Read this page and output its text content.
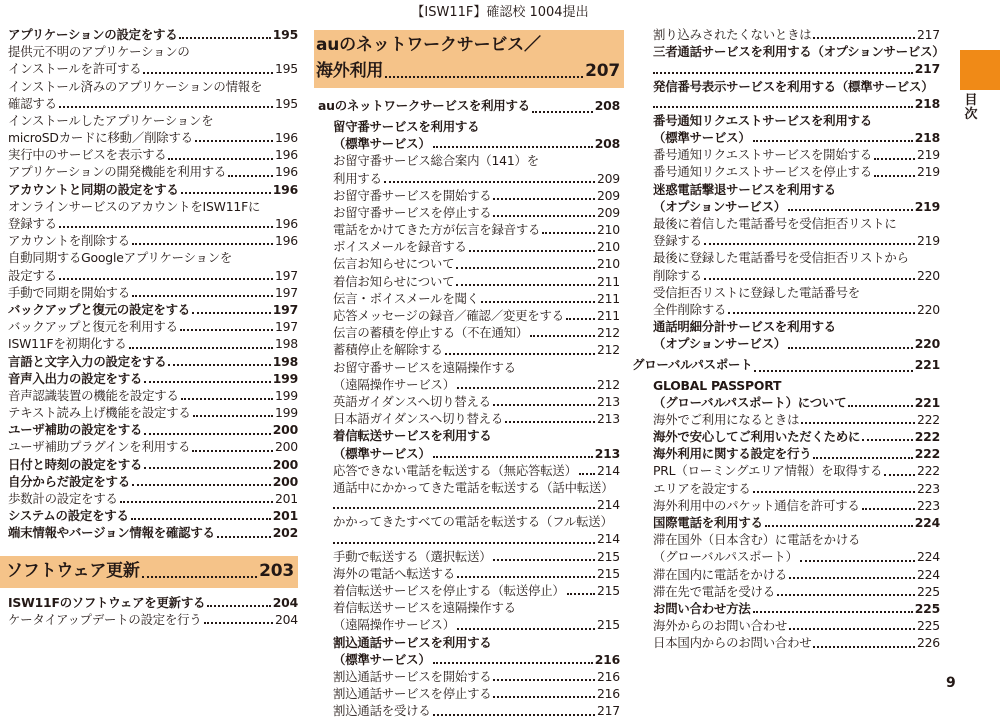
【ISW11F】確認校 1004提出
アプリケーションの設定をする	195
提供元不明のアプリケーションの
インストールを許可する	195
インストール済みのアプリケーションの情報を
確認する	195
インストールしたアプリケーションを
microSDカードに移動／削除する	196
実行中のサービスを表示する	196
アプリケーションの開発機能を利用する	196
アカウントと同期の設定をする	196
オンラインサービスのアカウントをISW11Fに
登録する	196
アカウントを削除する	196
自動同期するGoogleアプリケーションを
設定する	197
手動で同期を開始する	197
バックアップと復元の設定をする	197
バックアップと復元を利用する	197
ISW11Fを初期化する	198
言語と文字入力の設定をする	198
音声入出力の設定をする	199
音声認識装置の機能を設定する	199
テキスト読み上げ機能を設定する	199
ユーザ補助の設定をする	200
ユーザ補助プラグインを利用する	200
日付と時刻の設定をする	200
自分からだ設定をする	200
歩数計の設定をする	201
システムの設定をする	201
端末情報やバージョン情報を確認する	202
ソフトウェア更新	203
ISW11Fのソフトウェアを更新する	204
ケータイアップデートの設定を行う	204
auのネットワークサービス／
海外利用	207
auのネットワークサービスを利用する	208
留守番サービスを利用する
（標準サービス）	208
お留守番サービス総合案内（141）を
利用する	209
お留守番サービスを開始する	209
お留守番サービスを停止する	209
電話をかけてきた方が伝言を録音する	210
ボイスメールを録音する	210
伝言お知らせについて	210
着信お知らせについて	211
伝言・ボイスメールを聞く	211
応答メッセージの録音／確認／変更をする	211
伝言の蓄積を停止する（不在通知）	212
蓄積停止を解除する	212
お留守番サービスを遠隔操作する
（遠隔操作サービス）	212
英語ガイダンスへ切り替える	213
日本語ガイダンスへ切り替える	213
着信転送サービスを利用する
（標準サービス）	213
応答できない電話を転送する（無応答転送） 214
通話中にかかってきた電話を転送する（話中転送）
214
かかってきたすべての電話を転送する（フル転送）
214
手動で転送する（選択転送）	215
海外の電話へ転送する	215
着信転送サービスを停止する（転送停止）	215
着信転送サービスを遠隔操作する
（遠隔操作サービス）	215
割込通話サービスを利用する
（標準サービス）	216
割込通話サービスを開始する	216
割込通話サービスを停止する	216
割込通話を受ける	217
割り込みされたくないときは	217
三者通話サービスを利用する（オプションサービス）
217
発信番号表示サービスを利用する（標準サービス）
218
番号通知リクエストサービスを利用する
（標準サービス）	218
番号通知リクエストサービスを開始する	219
番号通知リクエストサービスを停止する	219
迷惑電話撃退サービスを利用する
（オプションサービス）	219
最後に着信した電話番号を受信拒否リストに
登録する	219
最後に登録した電話番号を受信拒否リストから
削除する	220
受信拒否リストに登録した電話番号を
全件削除する	220
通話明細分計サービスを利用する
（オプションサービス）	220
グローバルパスポート	221
GLOBAL PASSPORT
（グローバルパスポート）について	221
海外でご利用になるときは	222
海外で安心してご利用いただくために	222
海外利用に関する設定を行う	222
PRL（ローミングエリア情報）を取得する	222
エリアを設定する	223
海外利用中のパケット通信を許可する	223
国際電話を利用する	224
滞在国外（日本含む）に電話をかける
（グローバルパスポート）	224
滞在国内に電話をかける	224
滞在先で電話を受ける	225
お問い合わせ方法	225
海外からのお問い合わせ	225
日本国内からのお問い合わせ	226
目次
9
